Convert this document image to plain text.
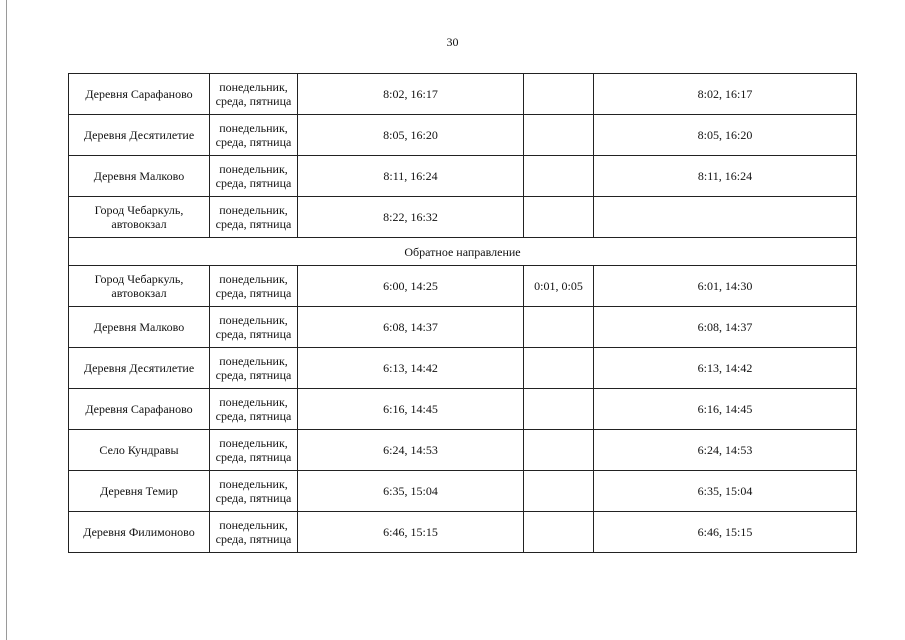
30
Деревня Сарафаново	понедельник, среда, пятница	8:02, 16:17		8:02, 16:17
Деревня Десятилетие	понедельник, среда, пятница	8:05, 16:20		8:05, 16:20
Деревня Малково	понедельник, среда, пятница	8:11, 16:24		8:11, 16:24
Город Чебаркуль, автовокзал	понедельник, среда, пятница	8:22, 16:32		
Обратное направление				
Город Чебаркуль, автовокзал	понедельник, среда, пятница	6:00, 14:25	0:01, 0:05	6:01, 14:30
Деревня Малково	понедельник, среда, пятница	6:08, 14:37		6:08, 14:37
Деревня Десятилетие	понедельник, среда, пятница	6:13, 14:42		6:13, 14:42
Деревня Сарафаново	понедельник, среда, пятница	6:16, 14:45		6:16, 14:45
Село Кундравы	понедельник, среда, пятница	6:24, 14:53		6:24, 14:53
Деревня Темир	понедельник, среда, пятница	6:35, 15:04		6:35, 15:04
Деревня Филимоново	понедельник, среда, пятница	6:46, 15:15		6:46, 15:15
